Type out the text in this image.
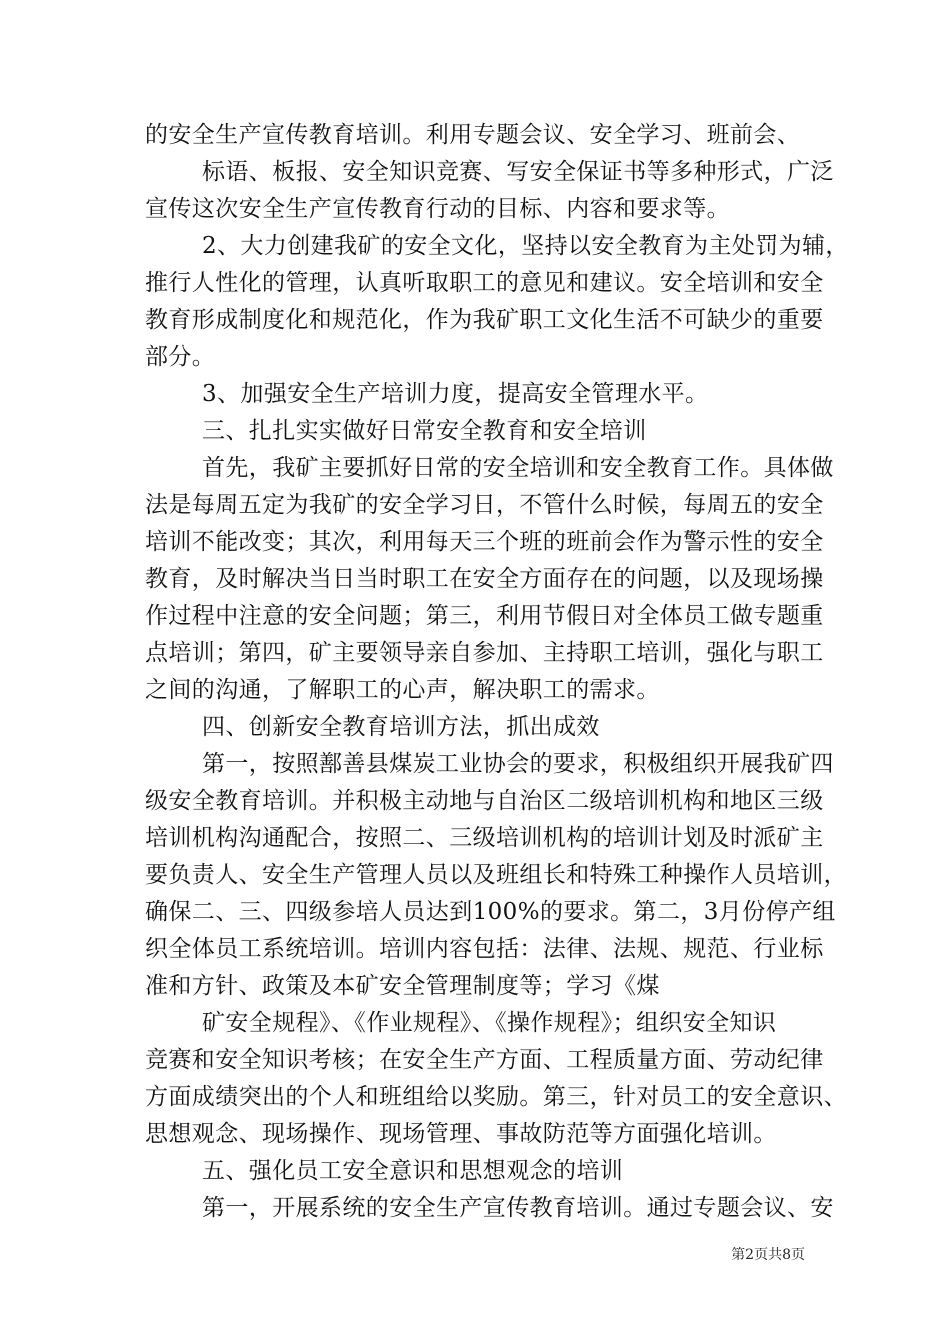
的安全生产宣传教育培训。利用专题会议、安全学习、班前会、
标语、板报、安全知识竞赛、写安全保证书等多种形式，广泛
宣传这次安全生产宣传教育行动的目标、内容和要求等。
2、大力创建我矿的安全文化，坚持以安全教育为主处罚为辅，
推行人性化的管理，认真听取职工的意见和建议。安全培训和安全
教育形成制度化和规范化，作为我矿职工文化生活不可缺少的重要
部分。
3、加强安全生产培训力度，提高安全管理水平。
三、扎扎实实做好日常安全教育和安全培训
首先，我矿主要抓好日常的安全培训和安全教育工作。具体做
法是每周五定为我矿的安全学习日，不管什么时候，每周五的安全
培训不能改变；其次，利用每天三个班的班前会作为警示性的安全
教育，及时解决当日当时职工在安全方面存在的问题，以及现场操
作过程中注意的安全问题；第三，利用节假日对全体员工做专题重
点培训；第四，矿主要领导亲自参加、主持职工培训，强化与职工
之间的沟通，了解职工的心声，解决职工的需求。
四、创新安全教育培训方法，抓出成效
第一，按照鄯善县煤炭工业协会的要求，积极组织开展我矿四
级安全教育培训。并积极主动地与自治区二级培训机构和地区三级
培训机构沟通配合，按照二、三级培训机构的培训计划及时派矿主
要负责人、安全生产管理人员以及班组长和特殊工种操作人员培训，
确保二、三、四级参培人员达到100%的要求。第二，3月份停产组
织全体员工系统培训。培训内容包括：法律、法规、规范、行业标
准和方针、政策及本矿安全管理制度等；学习《煤
矿安全规程》、《作业规程》、《操作规程》；组织安全知识
竞赛和安全知识考核；在安全生产方面、工程质量方面、劳动纪律
方面成绩突出的个人和班组给以奖励。第三，针对员工的安全意识、
思想观念、现场操作、现场管理、事故防范等方面强化培训。
五、强化员工安全意识和思想观念的培训
第一，开展系统的安全生产宣传教育培训。通过专题会议、安
第2页共8页
